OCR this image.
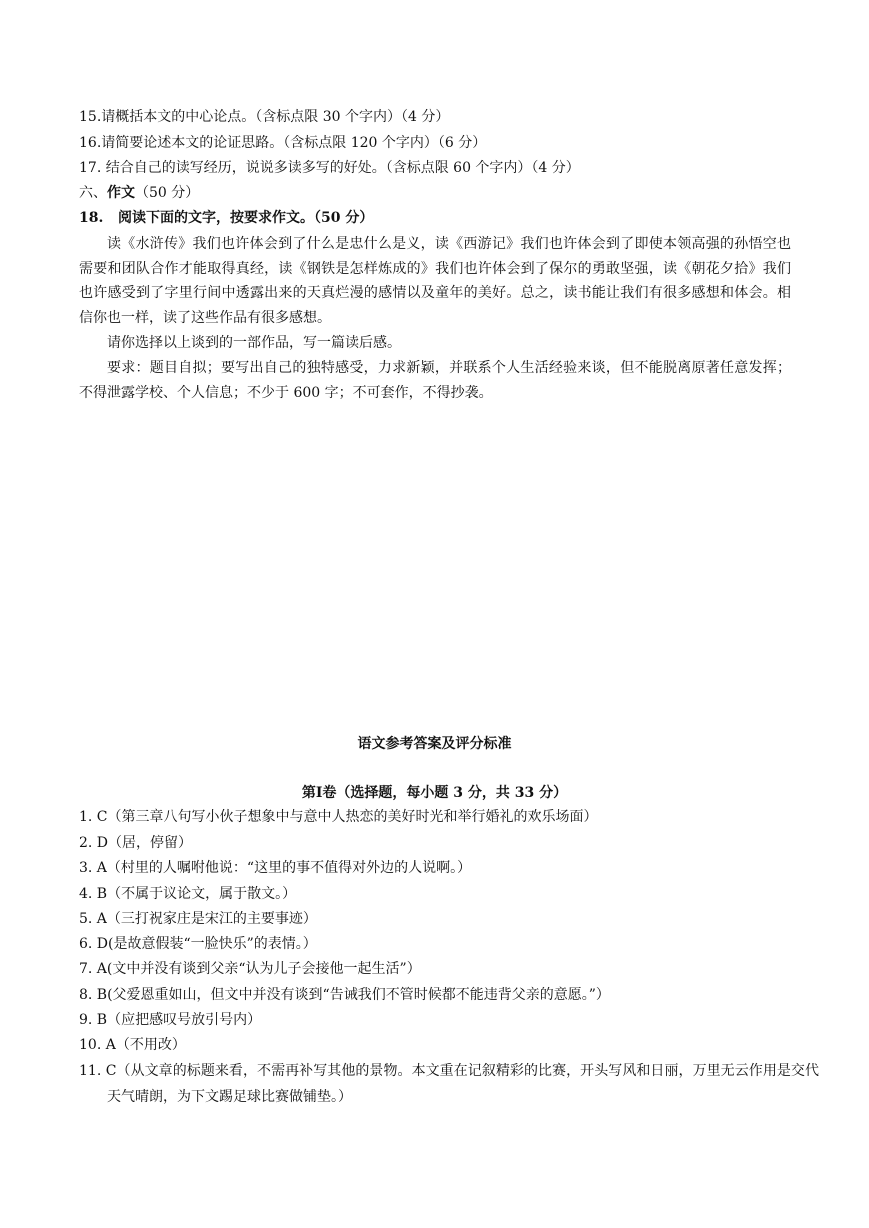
15.请概括本文的中心论点。（含标点限 30 个字内）（4 分）
16.请简要论述本文的论证思路。（含标点限 120 个字内）（6 分）
17. 结合自己的读写经历，说说多读多写的好处。（含标点限 60 个字内）（4 分）
六、作文（50 分）
18. 阅读下面的文字，按要求作文。（50 分）
读《水浒传》我们也许体会到了什么是忠什么是义，读《西游记》我们也许体会到了即使本领高强的孙悟空也需要和团队合作才能取得真经，读《钢铁是怎样炼成的》我们也许体会到了保尔的勇敢坚强，读《朝花夕拾》我们也许感受到了字里行间中透露出来的天真烂漫的感情以及童年的美好。总之，读书能让我们有很多感想和体会。相信你也一样，读了这些作品有很多感想。
请你选择以上谈到的一部作品，写一篇读后感。
要求：题目自拟；要写出自己的独特感受，力求新颖，并联系个人生活经验来谈，但不能脱离原著任意发挥；不得泄露学校、个人信息；不少于 600 字；不可套作，不得抄袭。
语文参考答案及评分标准
第Ⅰ卷（选择题，每小题 3 分，共 33 分）
1. C（第三章八句写小伙子想象中与意中人热恋的美好时光和举行婚礼的欢乐场面）
2. D（居，停留）
3. A（村里的人嘱咐他说：“这里的事不值得对外边的人说啊。）
4. B（不属于议论文，属于散文。）
5. A（三打祝家庄是宋江的主要事迹）
6. D(是故意假装“一脸快乐”的表情。）
7. A(文中并没有谈到父亲“认为儿子会接他一起生活”）
8. B(父爱恩重如山，但文中并没有谈到“告诫我们不管时候都不能违背父亲的意愿。”）
9. B（应把感叹号放引号内）
10. A（不用改）
11. C（从文章的标题来看，不需再补写其他的景物。本文重在记叙精彩的比赛，开头写风和日丽，万里无云作用是交代天气晴朗，为下文踢足球比赛做铺垫。）
